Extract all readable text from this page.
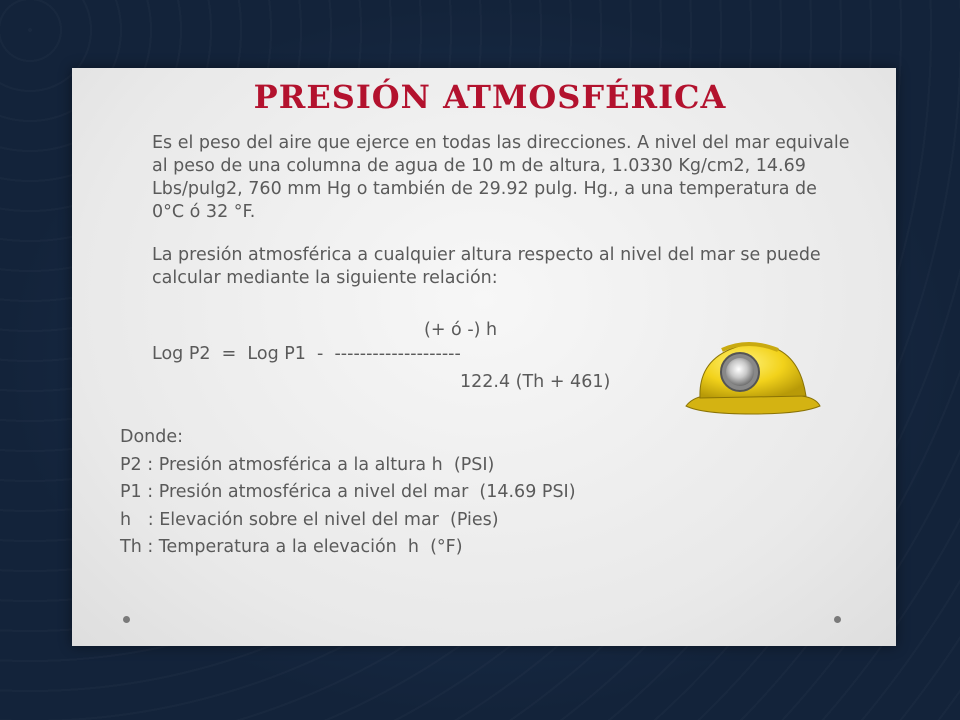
PRESIÓN ATMOSFÉRICA

Es el peso del aire que ejerce en todas las direcciones. A nivel del mar equivale al peso de una columna de agua de 10 m de altura, 1.0330 Kg/cm2, 14.69 Lbs/pulg2, 760 mm Hg o también de 29.92 pulg. Hg., a una temperatura de 0°C ó 32 °F.

La presión atmosférica a cualquier altura respecto al nivel del mar se puede calcular mediante la siguiente relación:

(+ ó -) h
Log P2  =  Log P1  -  --------------------
122.4 (Th + 461)
Donde:
P2 : Presión atmosférica a la altura h  (PSI)
P1 : Presión atmosférica a nivel del mar  (14.69 PSI)
h   : Elevación sobre el nivel del mar  (Pies)
Th : Temperatura a la elevación  h  (°F)
